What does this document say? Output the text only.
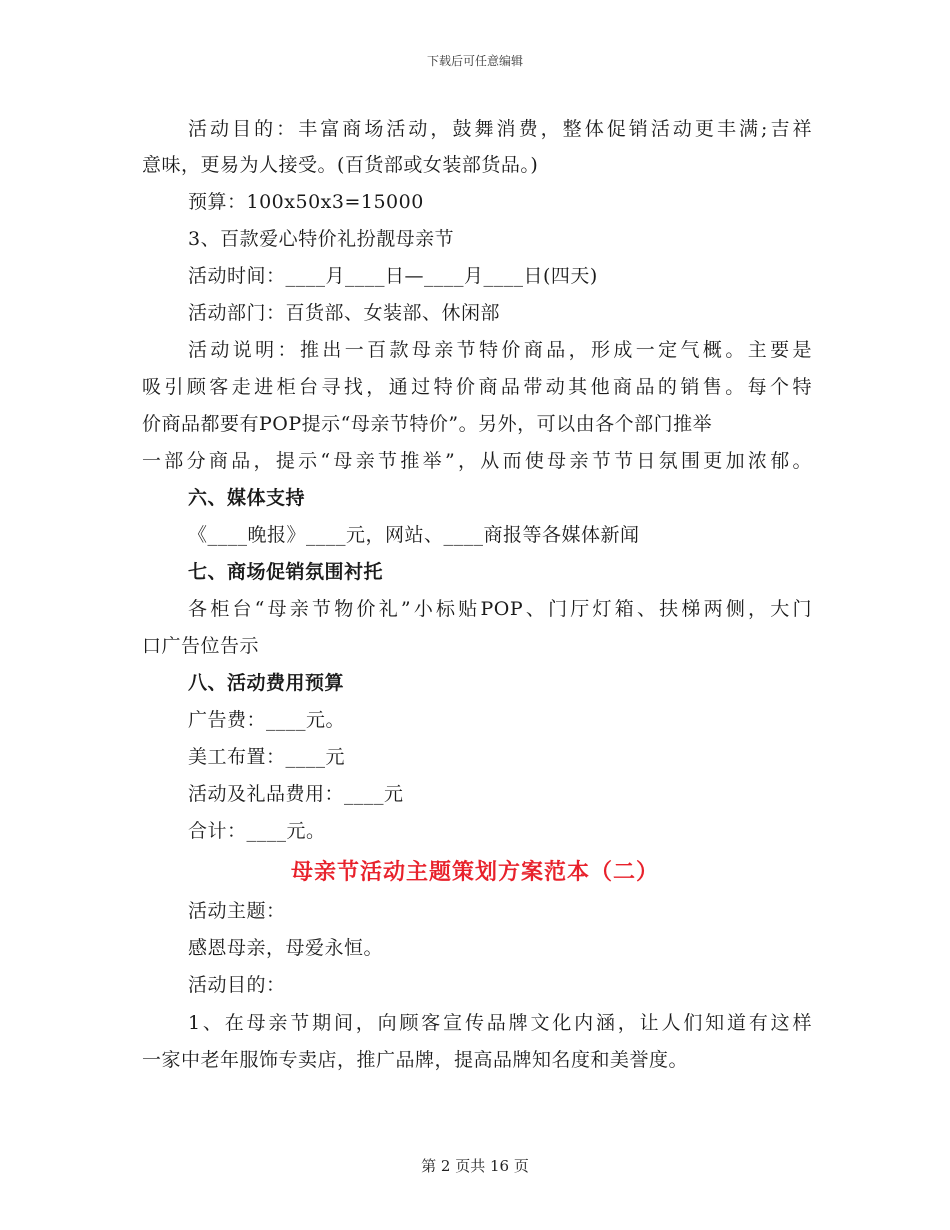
下载后可任意编辑
活动目的：丰富商场活动，鼓舞消费，整体促销活动更丰满;吉祥
意味，更易为人接受。(百货部或女装部货品。)
预算：100x50x3=15000
3、百款爱心特价礼扮靓母亲节
活动时间：____月____日—____月____日(四天)
活动部门：百货部、女装部、休闲部
活动说明：推出一百款母亲节特价商品，形成一定气概。主要是
吸引顾客走进柜台寻找，通过特价商品带动其他商品的销售。每个特
价商品都要有POP提示“母亲节特价”。另外，可以由各个部门推举
一部分商品，提示“母亲节推举”，从而使母亲节节日氛围更加浓郁。
六、媒体支持
《____晚报》____元，网站、____商报等各媒体新闻
七、商场促销氛围衬托
各柜台“母亲节物价礼”小标贴POP、门厅灯箱、扶梯两侧，大门
口广告位告示
八、活动费用预算
广告费：____元。
美工布置：____元
活动及礼品费用：____元
合计：____元。
母亲节活动主题策划方案范本（二）
活动主题：
感恩母亲，母爱永恒。
活动目的：
1、在母亲节期间，向顾客宣传品牌文化内涵，让人们知道有这样
一家中老年服饰专卖店，推广品牌，提高品牌知名度和美誉度。
第 2 页共 16 页
